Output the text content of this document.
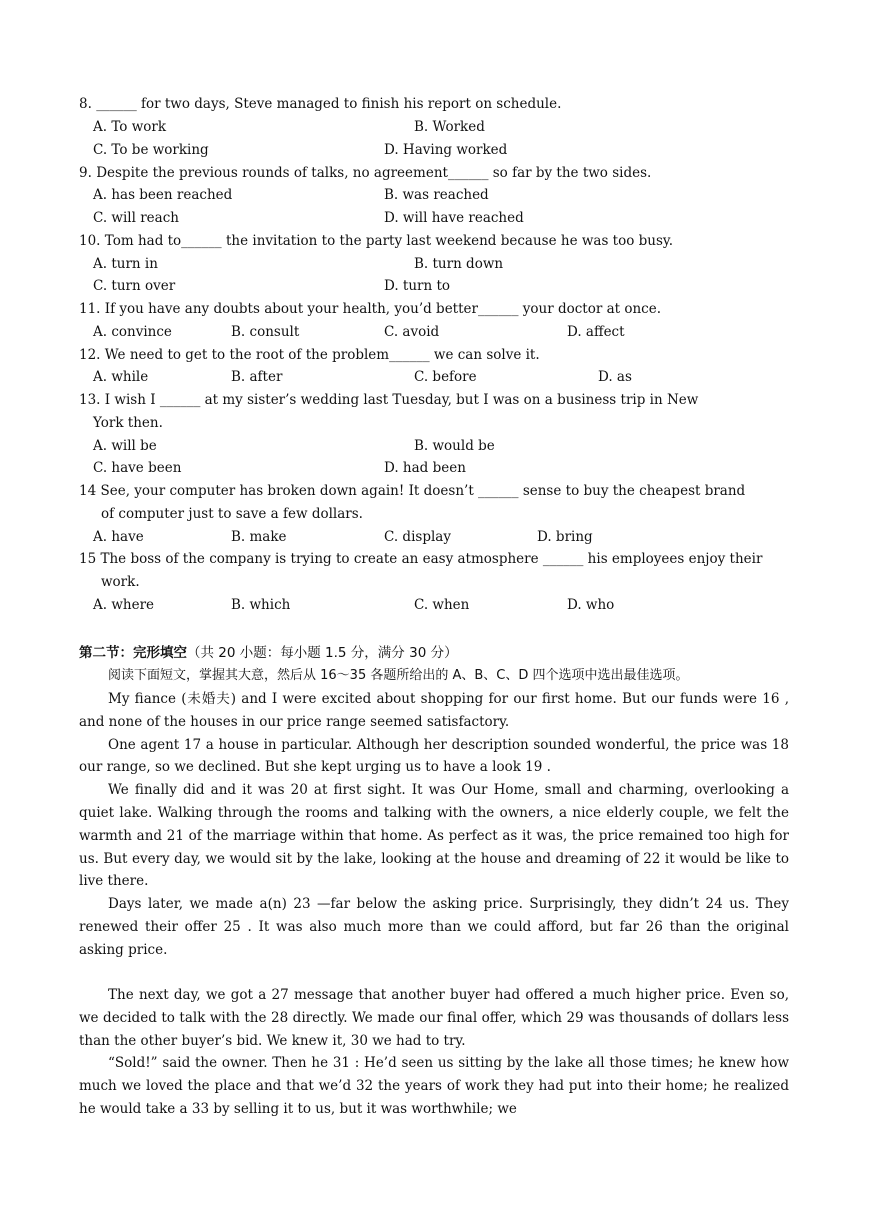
8. ______ for two days, Steve managed to finish his report on schedule.
A. To work	B. Worked
C. To be working	D. Having worked
9. Despite the previous rounds of talks, no agreement______ so far by the two sides.
A. has been reached	B. was reached
C. will reach	D. will have reached
10. Tom had to______ the invitation to the party last weekend because he was too busy.
A. turn in	B. turn down
C. turn over	D. turn to
11. If you have any doubts about your health, you’d better______ your doctor at once.
A. convince	B. consult	C. avoid	D. affect
12. We need to get to the root of the problem______ we can solve it.
A. while	B. after	C. before	D. as
13. I wish I ______ at my sister’s wedding last Tuesday, but I was on a business trip in New
York then.
A. will be	B. would be
C. have been	D. had been
14 See, your computer has broken down again! It doesn’t ______ sense to buy the cheapest brand
of computer just to save a few dollars.
A. have	B. make	C. display	D. bring
15 The boss of the company is trying to create an easy atmosphere ______ his employees enjoy their
work.
A. where	B. which	C. when	D. who
第二节：完形填空（共 20 小题：每小题 1.5 分，满分 30 分）
阅读下面短文，掌握其大意，然后从 16～35 各题所给出的 A、B、C、D 四个选项中选出最佳选项。

My fiance (未婚夫) and I were excited about shopping for our first home. But our funds were 16 , and none of the houses in our price range seemed satisfactory.

One agent 17 a house in particular. Although her description sounded wonderful, the price was 18 our range, so we declined. But she kept urging us to have a look 19 .

We finally did and it was 20 at first sight. It was Our Home, small and charming, overlooking a quiet lake. Walking through the rooms and talking with the owners, a nice elderly couple, we felt the warmth and 21 of the marriage within that home. As perfect as it was, the price remained too high for us. But every day, we would sit by the lake, looking at the house and dreaming of 22 it would be like to live there.

Days later, we made a(n) 23 —far below the asking price. Surprisingly, they didn’t 24 us. They renewed their offer 25 . It was also much more than we could afford, but far 26 than the original asking price.

The next day, we got a 27 message that another buyer had offered a much higher price. Even so, we decided to talk with the 28 directly. We made our final offer, which 29 was thousands of dollars less than the other buyer’s bid. We knew it, 30 we had to try.

“Sold!” said the owner. Then he 31 : He’d seen us sitting by the lake all those times; he knew how much we loved the place and that we’d 32 the years of work they had put into their home; he realized he would take a 33 by selling it to us, but it was worthwhile; we
